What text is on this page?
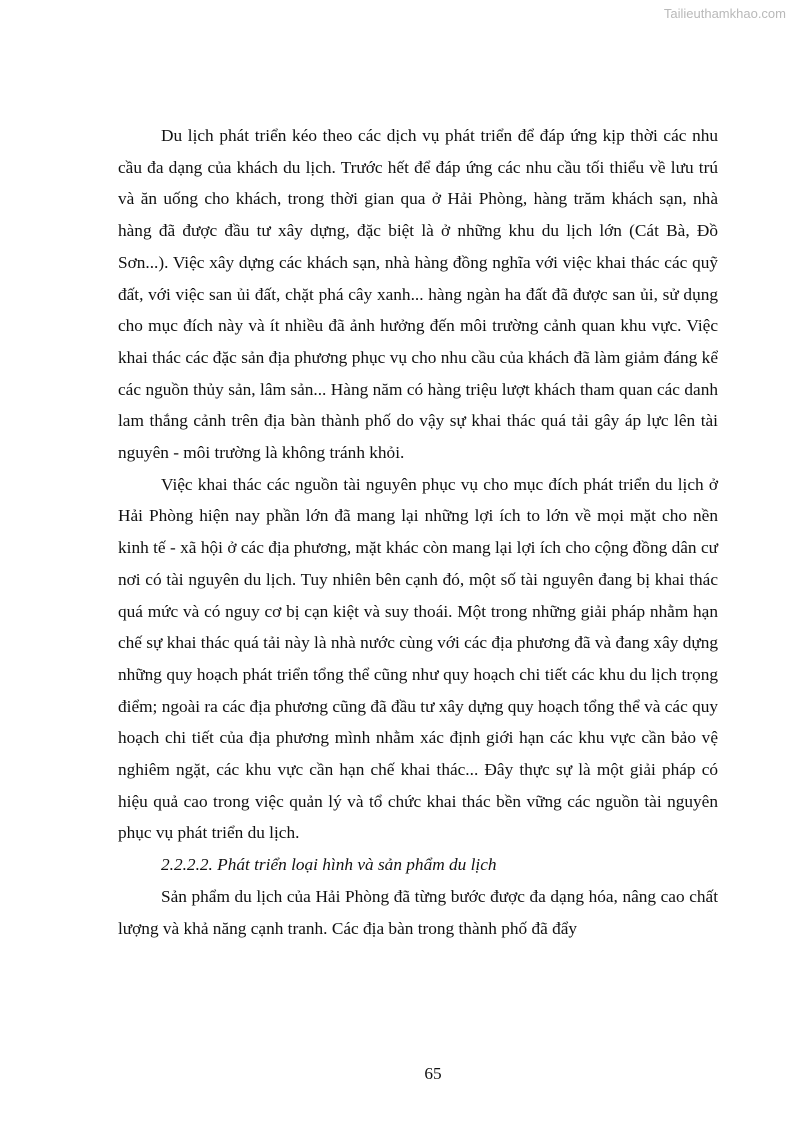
Tailieuthamkhao.com

Du lịch phát triển kéo theo các dịch vụ phát triển để đáp ứng kịp thời các nhu cầu đa dạng của khách du lịch. Trước hết để đáp ứng các nhu cầu tối thiểu về lưu trú và ăn uống cho khách, trong thời gian qua ở Hải Phòng, hàng trăm khách sạn, nhà hàng đã được đầu tư xây dựng, đặc biệt là ở những khu du lịch lớn (Cát Bà, Đồ Sơn...). Việc xây dựng các khách sạn, nhà hàng đồng nghĩa với việc khai thác các quỹ đất, với việc san ủi đất, chặt phá cây xanh... hàng ngàn ha đất đã được san ủi, sử dụng cho mục đích này và ít nhiều đã ảnh hưởng đến môi trường cảnh quan khu vực. Việc khai thác các đặc sản địa phương phục vụ cho nhu cầu của khách đã làm giảm đáng kể các nguồn thủy sản, lâm sản... Hàng năm có hàng triệu lượt khách tham quan các danh lam thắng cảnh trên địa bàn thành phố do vậy sự khai thác quá tải gây áp lực lên tài nguyên - môi trường là không tránh khỏi.

Việc khai thác các nguồn tài nguyên phục vụ cho mục đích phát triển du lịch ở Hải Phòng hiện nay phần lớn đã mang lại những lợi ích to lớn về mọi mặt cho nền kinh tế - xã hội ở các địa phương, mặt khác còn mang lại lợi ích cho cộng đồng dân cư nơi có tài nguyên du lịch. Tuy nhiên bên cạnh đó, một số tài nguyên đang bị khai thác quá mức và có nguy cơ bị cạn kiệt và suy thoái. Một trong những giải pháp nhằm hạn chế sự khai thác quá tải này là nhà nước cùng với các địa phương đã và đang xây dựng những quy hoạch phát triển tổng thể cũng như quy hoạch chi tiết các khu du lịch trọng điểm; ngoài ra các địa phương cũng đã đầu tư xây dựng quy hoạch tổng thể và các quy hoạch chi tiết của địa phương mình nhằm xác định giới hạn các khu vực cần bảo vệ nghiêm ngặt, các khu vực cần hạn chế khai thác... Đây thực sự là một giải pháp có hiệu quả cao trong việc quản lý và tổ chức khai thác bền vững các nguồn tài nguyên phục vụ phát triển du lịch.

2.2.2.2. Phát triển loại hình và sản phẩm du lịch

Sản phẩm du lịch của Hải Phòng đã từng bước được đa dạng hóa, nâng cao chất lượng và khả năng cạnh tranh. Các địa bàn trong thành phố đã đẩy

65
